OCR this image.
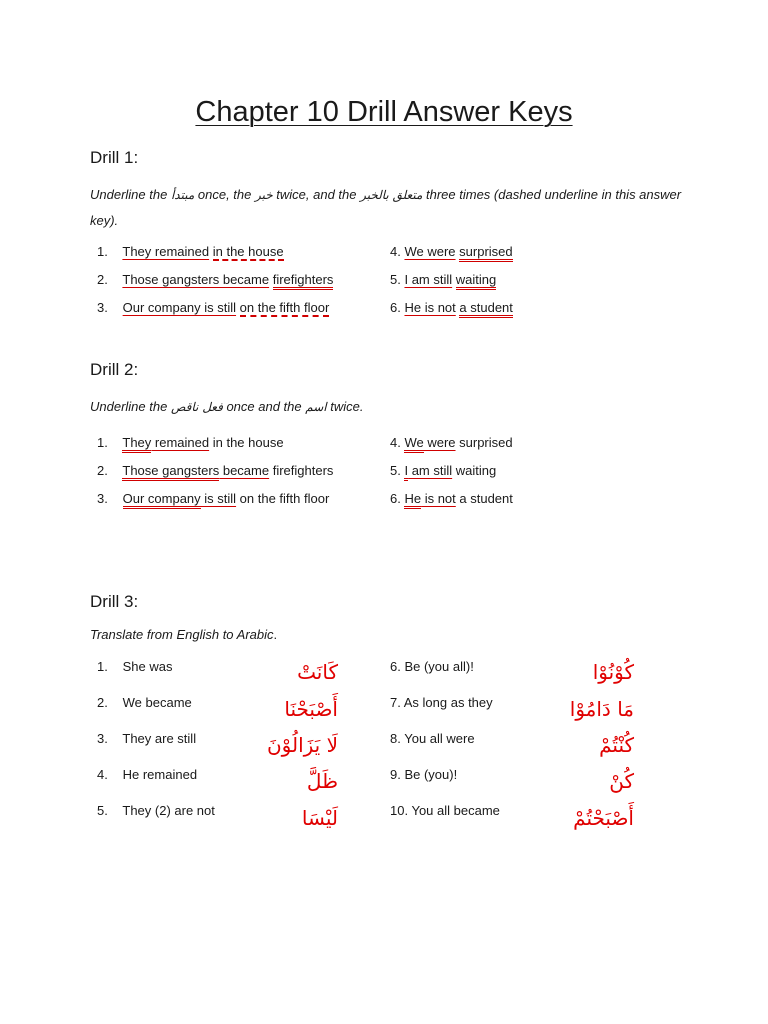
Chapter 10 Drill Answer Keys
Drill 1:
Underline the مبتدأ once, the خبر twice, and the متعلق بالخبر three times (dashed underline in this answer key).
1. They remained in the house
2. Those gangsters became firefighters
3. Our company is still on the fifth floor
4. We were surprised
5. I am still waiting
6. He is not a student
Drill 2:
Underline the فعل ناقص once and the اسم twice.
1. They remained in the house
2. Those gangsters became firefighters
3. Our company is still on the fifth floor
4. We were surprised
5. I am still waiting
6. He is not a student
Drill 3:
Translate from English to Arabic.
1. She was
2. We became
3. They are still
4. He remained
5. They (2) are not
كَانَتْ
أَصْبَحْنَا
لَا يَزَالُوْنَ
ظَلَّ
لَيْسَا
6. Be (you all)!
7. As long as they
8. You all were
9. Be (you)!
10. You all became
كُوْنُوْا
مَا دَامُوْا
كُنْتُمْ
كُنْ
أَصْبَحْتُمْ
